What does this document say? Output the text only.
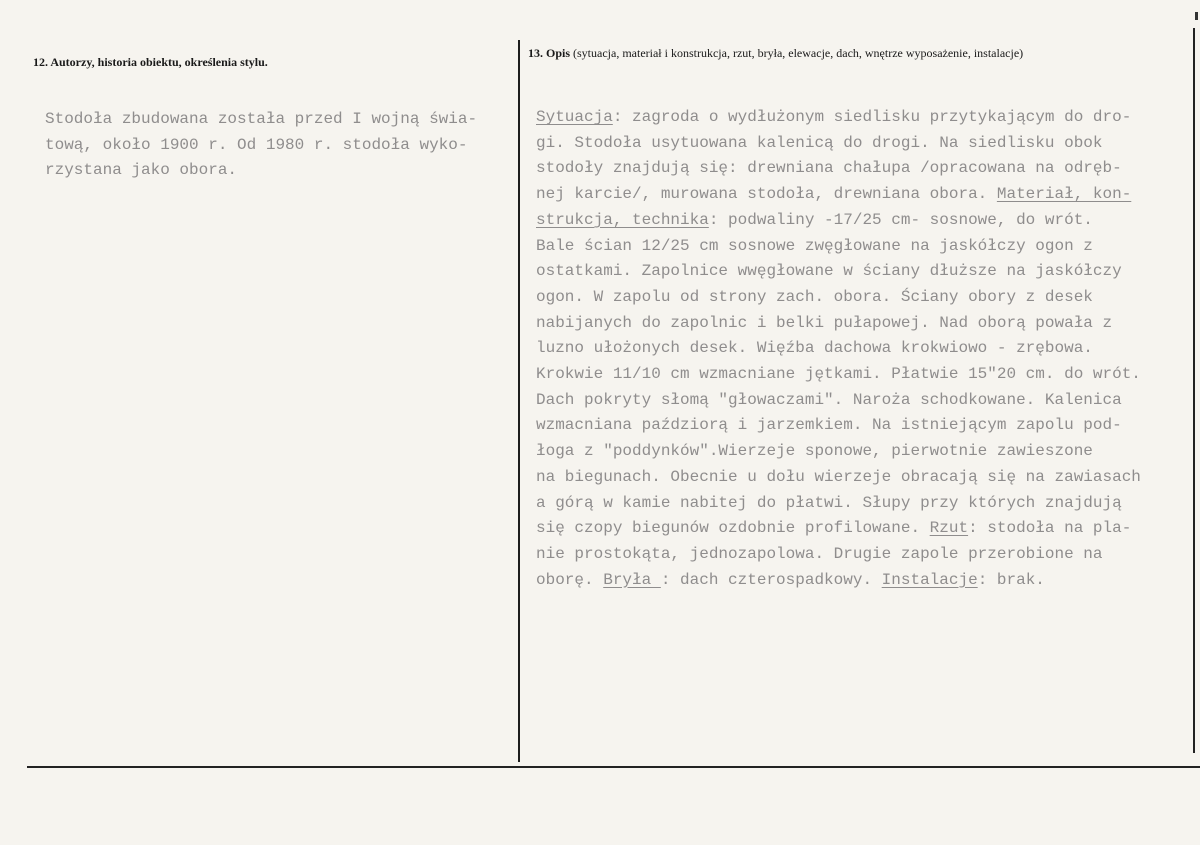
12. Autorzy, historia obiektu, określenia stylu.
13. Opis (sytuacja, materiał i konstrukcja, rzut, bryła, elewacje, dach, wnętrze wyposażenie, instalacje)
Stodoła zbudowana została przed I wojną świa-
tową, około 1900 r. Od 1980 r. stodoła wyko-
rzystana jako obora.
Sytuacja: zagroda o wydłużonym siedlisku przytykającym do dro-
gi. Stodoła usytuowana kalenicą do drogi. Na siedlisku obok
stodoły znajdują się: drewniana chałupa /opracowana na odręb-
nej karcie/, murowana stodoła, drewniana obora. Materiał, kon-
strukcja, technika: podwaliny -17/25 cm- sosnowe, do wrót.
Bale ścian 12/25 cm sosnowe zwęgłowane na jaskółczy ogon z
ostatkami. Zapolnice wwęgłowane w ściany dłuższe na jaskółczy
ogon. W zapolu od strony zach. obora. Ściany obory z desek
nabijanych do zapolnic i belki pułapowej. Nad oborą powała z
luzno ułożonych desek. Więźba dachowa krokwiowo - zrębowa.
Krokwie 11/10 cm wzmacniane jętkami. Płatwie 15"20 cm. do wrót.
Dach pokryty słomą "głowaczami". Naroża schodkowane. Kalenica
wzmacniana paździorą i jarzemkiem. Na istniejącym zapolu pod-
łoga z "poddynków".Wierzeje sponowe, pierwotnie zawieszone
na biegunach. Obecnie u dołu wierzeje obracają się na zawiasach
a górą w kamie nabitej do płatwi. Słupy przy których znajdują
się czopy biegunów ozdobnie profilowane. Rzut: stodoła na pla-
nie prostokąta, jednozapolowa. Drugie zapole przerobione na
oborę. Bryła : dach czterospadkowy. Instalacje: brak.
